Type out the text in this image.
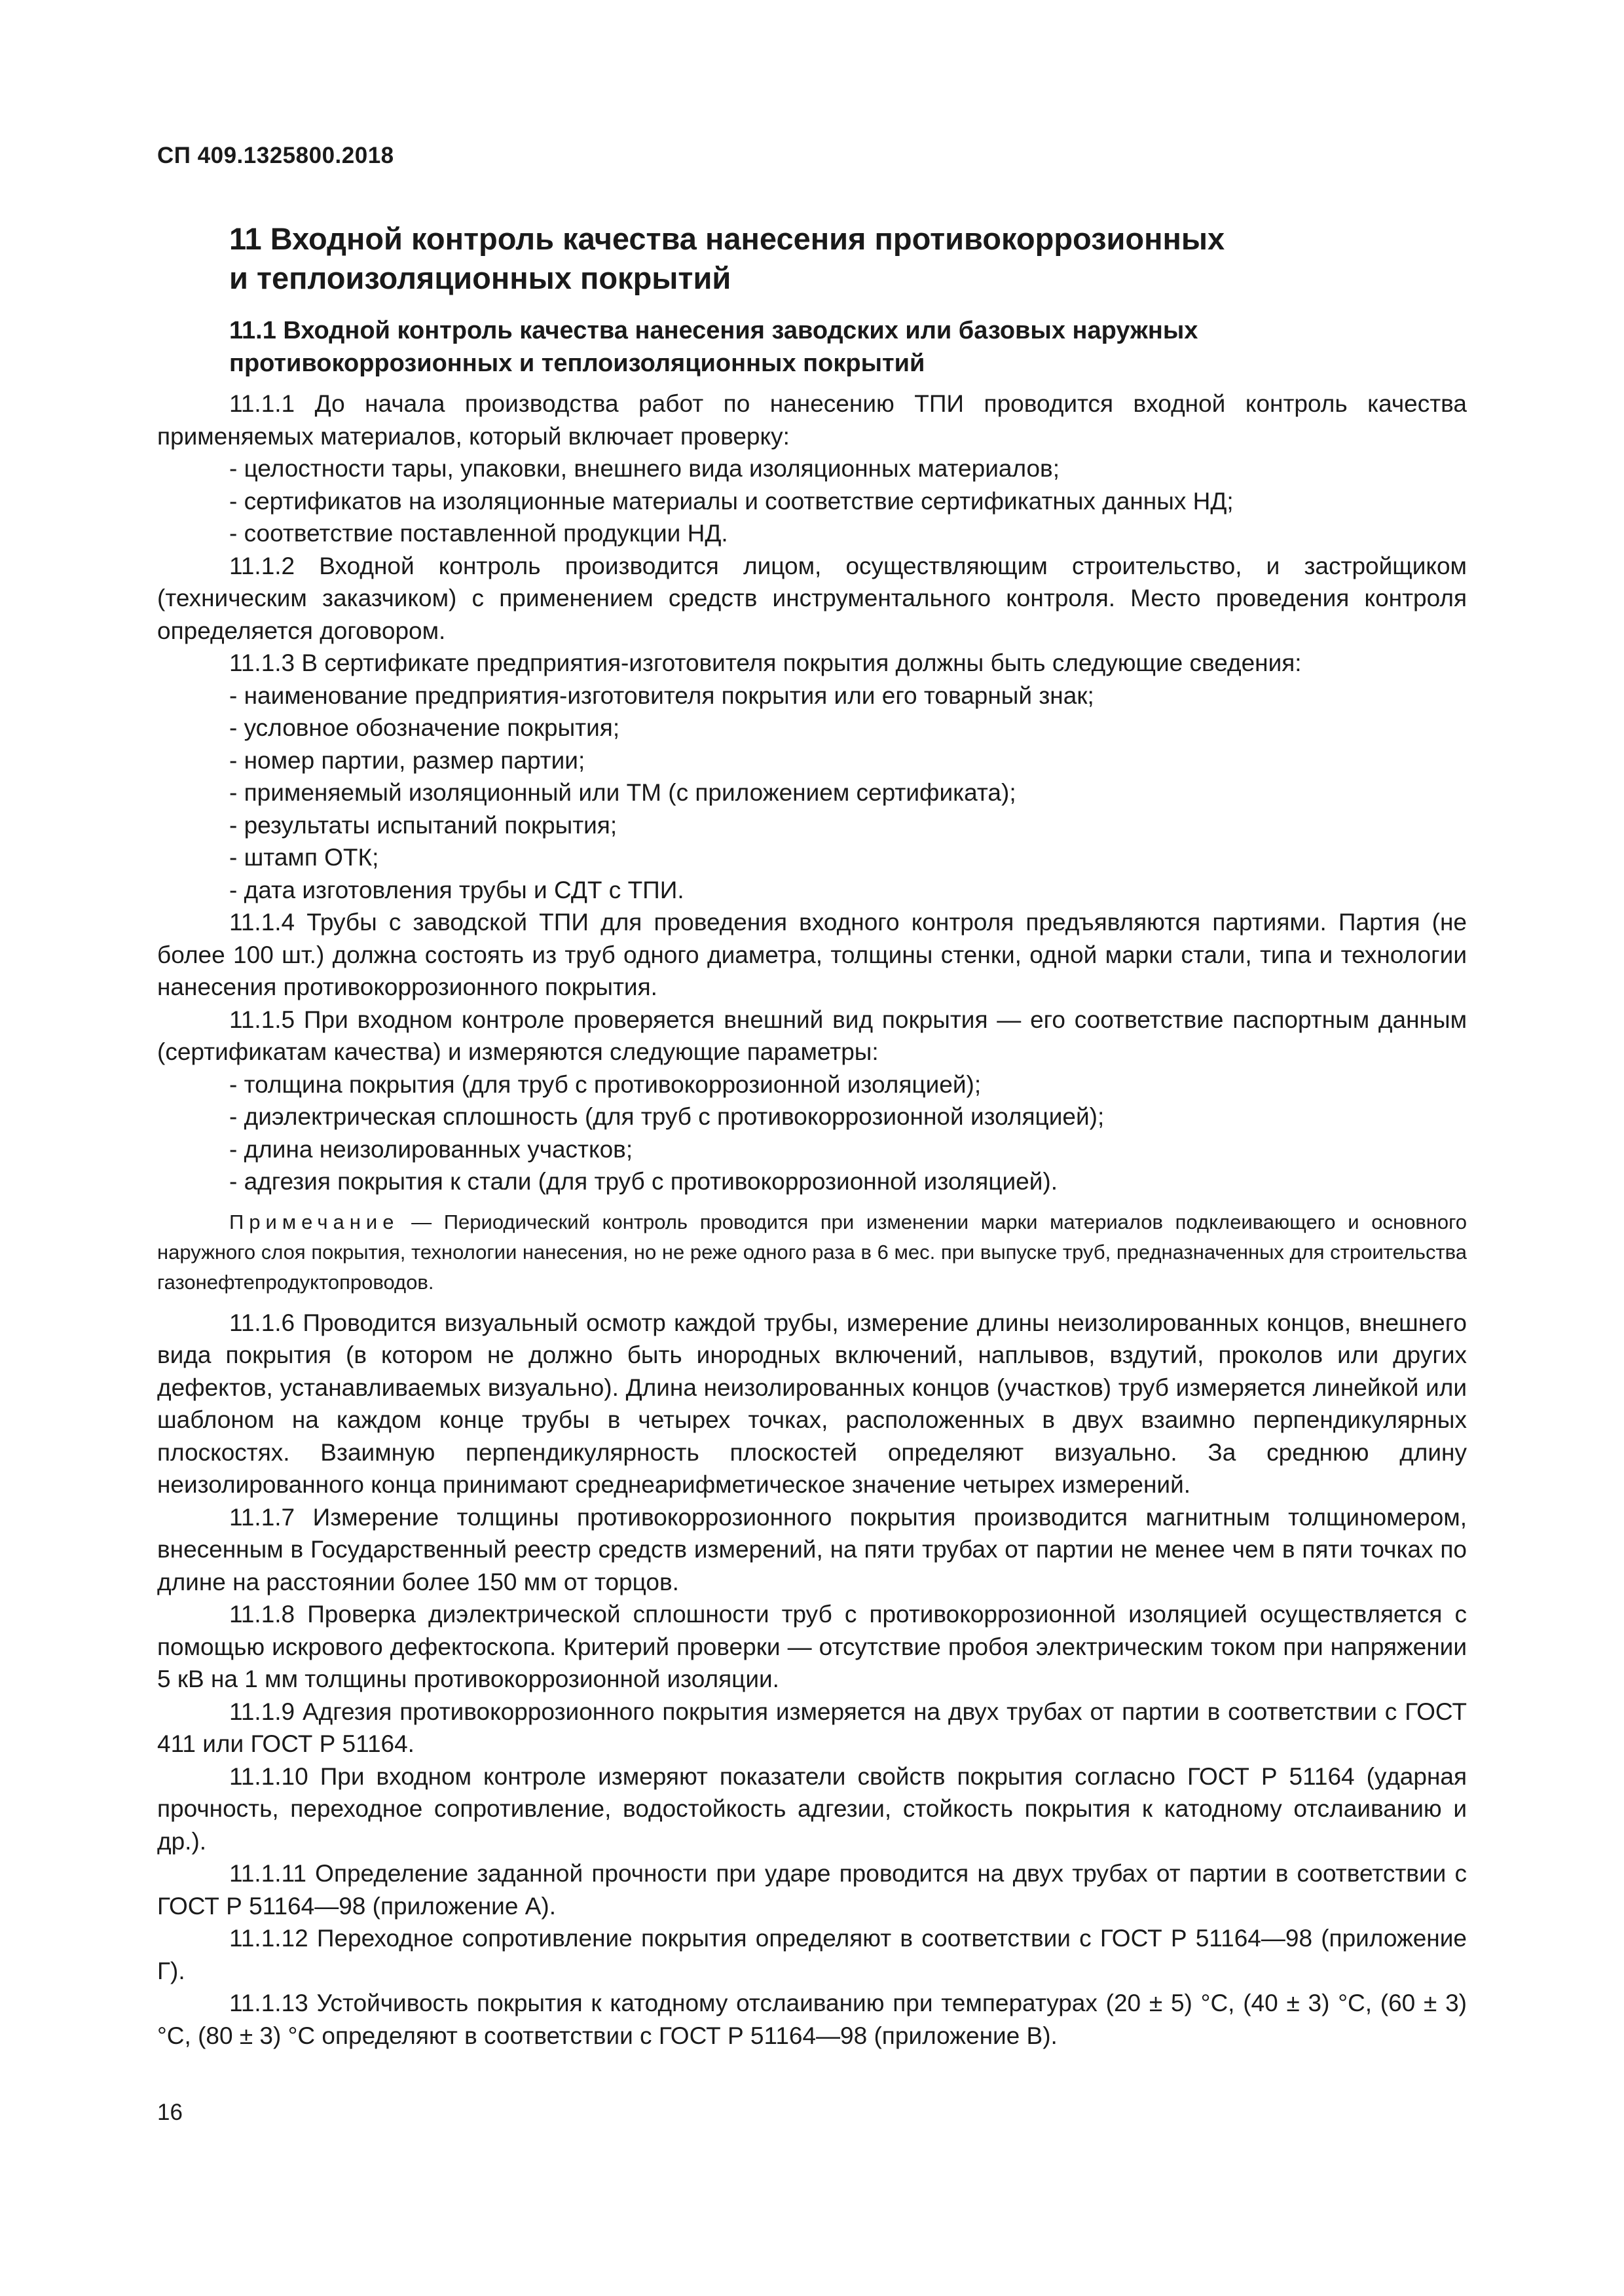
СП 409.1325800.2018
11 Входной контроль качества нанесения противокоррозионных
и теплоизоляционных покрытий
11.1 Входной контроль качества нанесения заводских или базовых наружных
противокоррозионных и теплоизоляционных покрытий

11.1.1 До начала производства работ по нанесению ТПИ проводится входной контроль качества применяемых материалов, который включает проверку:

- целостности тары, упаковки, внешнего вида изоляционных материалов;

- сертификатов на изоляционные материалы и соответствие сертификатных данных НД;

- соответствие поставленной продукции НД.

11.1.2 Входной контроль производится лицом, осуществляющим строительство, и застройщиком (техническим заказчиком) с применением средств инструментального контроля. Место проведения контроля определяется договором.

11.1.3 В сертификате предприятия-изготовителя покрытия должны быть следующие сведения:

- наименование предприятия-изготовителя покрытия или его товарный знак;

- условное обозначение покрытия;

- номер партии, размер партии;

- применяемый изоляционный или ТМ (с приложением сертификата);

- результаты испытаний покрытия;

- штамп ОТК;

- дата изготовления трубы и СДТ с ТПИ.

11.1.4 Трубы с заводской ТПИ для проведения входного контроля предъявляются партиями. Партия (не более 100 шт.) должна состоять из труб одного диаметра, толщины стенки, одной марки стали, типа и технологии нанесения противокоррозионного покрытия.

11.1.5 При входном контроле проверяется внешний вид покрытия — его соответствие паспортным данным (сертификатам качества) и измеряются следующие параметры:

- толщина покрытия (для труб с противокоррозионной изоляцией);

- диэлектрическая сплошность (для труб с противокоррозионной изоляцией);

- длина неизолированных участков;

- адгезия покрытия к стали (для труб с противокоррозионной изоляцией).

Примечание — Периодический контроль проводится при изменении марки материалов подклеивающего и основного наружного слоя покрытия, технологии нанесения, но не реже одного раза в 6 мес. при выпуске труб, предназначенных для строительства газонефтепродуктопроводов.

11.1.6 Проводится визуальный осмотр каждой трубы, измерение длины неизолированных концов, внешнего вида покрытия (в котором не должно быть инородных включений, наплывов, вздутий, проколов или других дефектов, устанавливаемых визуально). Длина неизолированных концов (участков) труб измеряется линейкой или шаблоном на каждом конце трубы в четырех точках, расположенных в двух взаимно перпендикулярных плоскостях. Взаимную перпендикулярность плоскостей определяют визуально. За среднюю длину неизолированного конца принимают среднеарифметическое значение четырех измерений.

11.1.7 Измерение толщины противокоррозионного покрытия производится магнитным толщиномером, внесенным в Государственный реестр средств измерений, на пяти трубах от партии не менее чем в пяти точках по длине на расстоянии более 150 мм от торцов.

11.1.8 Проверка диэлектрической сплошности труб с противокоррозионной изоляцией осуществляется с помощью искрового дефектоскопа. Критерий проверки — отсутствие пробоя электрическим током при напряжении 5 кВ на 1 мм толщины противокоррозионной изоляции.

11.1.9 Адгезия противокоррозионного покрытия измеряется на двух трубах от партии в соответствии с ГОСТ 411 или ГОСТ Р 51164.

11.1.10 При входном контроле измеряют показатели свойств покрытия согласно ГОСТ Р 51164 (ударная прочность, переходное сопротивление, водостойкость адгезии, стойкость покрытия к катодному отслаиванию и др.).

11.1.11 Определение заданной прочности при ударе проводится на двух трубах от партии в соответствии с ГОСТ Р 51164—98 (приложение А).

11.1.12 Переходное сопротивление покрытия определяют в соответствии с ГОСТ Р 51164—98 (приложение Г).

11.1.13 Устойчивость покрытия к катодному отслаиванию при температурах (20 ± 5) °С, (40 ± 3) °С, (60 ± 3) °С, (80 ± 3) °С определяют в соответствии с ГОСТ Р 51164—98 (приложение В).

16
